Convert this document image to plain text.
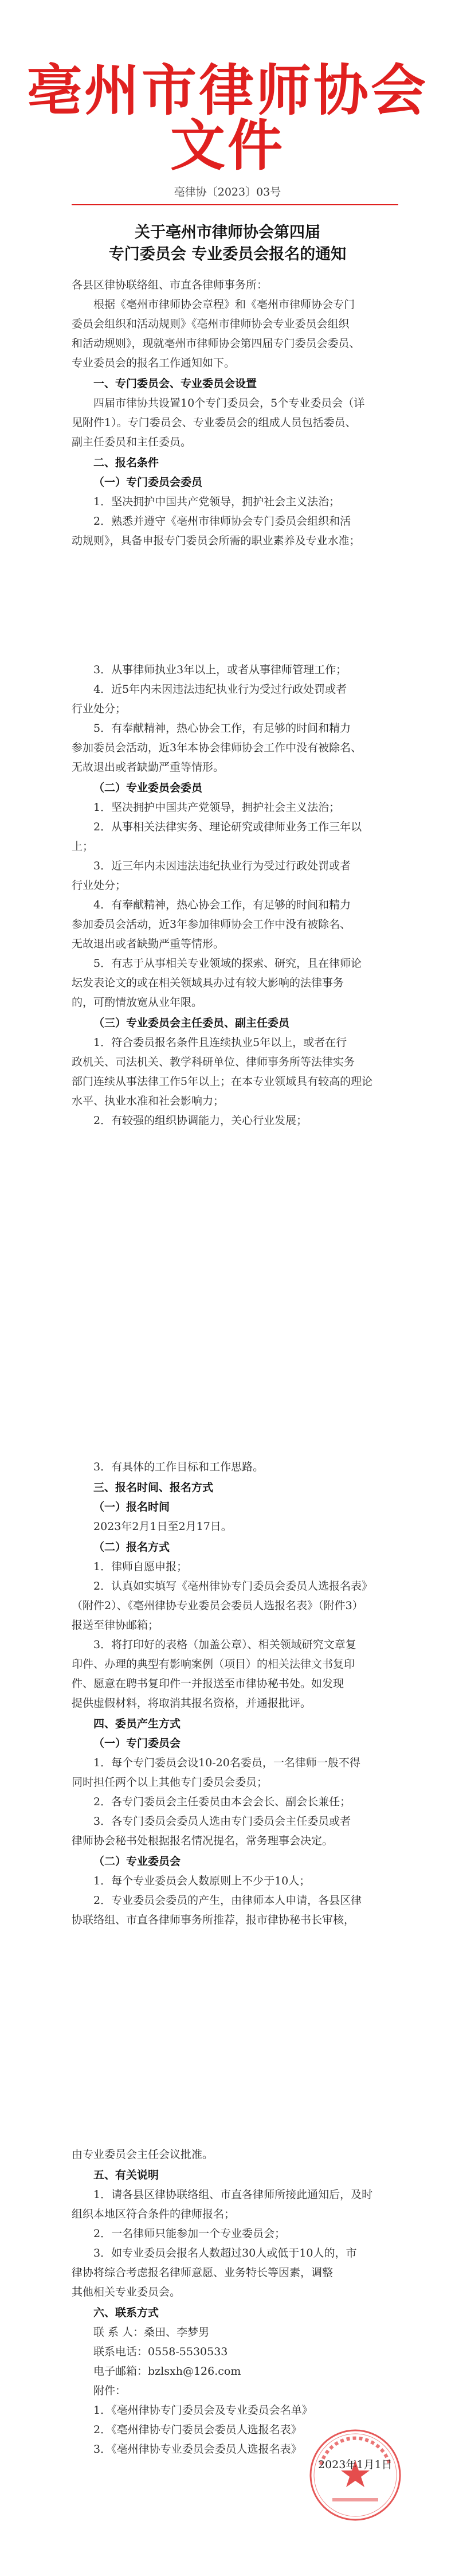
亳州市律师协会文件
亳律协〔2023〕03号
关于亳州市律师协会第四届
专门委员会 专业委员会报名的通知
各县区律协联络组、市直各律师事务所：
根据《亳州市律师协会章程》和《亳州市律师协会专门
委员会组织和活动规则》《亳州市律师协会专业委员会组织
和活动规则》，现就亳州市律师协会第四届专门委员会委员、
专业委员会的报名工作通知如下。
一、专门委员会、专业委员会设置
四届市律协共设置10个专门委员会，5个专业委员会（详
见附件1）。专门委员会、专业委员会的组成人员包括委员、
副主任委员和主任委员。
二、报名条件
（一）专门委员会委员
1．坚决拥护中国共产党领导，拥护社会主义法治；
2．熟悉并遵守《亳州市律师协会专门委员会组织和活
动规则》，具备申报专门委员会所需的职业素养及专业水准；
3．从事律师执业3年以上，或者从事律师管理工作；
4．近5年内未因违法违纪执业行为受过行政处罚或者
行业处分；
5．有奉献精神，热心协会工作，有足够的时间和精力
参加委员会活动，近3年本协会律师协会工作中没有被除名、
无故退出或者缺勤严重等情形。
（二）专业委员会委员
1．坚决拥护中国共产党领导，拥护社会主义法治；
2．从事相关法律实务、理论研究或律师业务工作三年以
上；
3．近三年内未因违法违纪执业行为受过行政处罚或者
行业处分；
4．有奉献精神，热心协会工作，有足够的时间和精力
参加委员会活动，近3年参加律师协会工作中没有被除名、
无故退出或者缺勤严重等情形。
5．有志于从事相关专业领域的探索、研究，且在律师论
坛发表论文的或在相关领域具办过有较大影响的法律事务
的，可酌情放宽从业年限。
（三）专业委员会主任委员、副主任委员
1．符合委员报名条件且连续执业5年以上，或者在行
政机关、司法机关、教学科研单位、律师事务所等法律实务
部门连续从事法律工作5年以上；在本专业领域具有较高的理论
水平、执业水准和社会影响力；
2．有较强的组织协调能力，关心行业发展；
3．有具体的工作目标和工作思路。
三、报名时间、报名方式
（一）报名时间
2023年2月1日至2月17日。
（二）报名方式
1．律师自愿申报；
2．认真如实填写《亳州律协专门委员会委员人选报名表》
（附件2）、《亳州律协专业委员会委员人选报名表》（附件3）
报送至律协邮箱；
3．将打印好的表格（加盖公章）、相关领域研究文章复
印件、办理的典型有影响案例（项目）的相关法律文书复印
件、愿意在聘书复印件一并报送至市律协秘书处。如发现
提供虚假材料，将取消其报名资格，并通报批评。
四、委员产生方式
（一）专门委员会
1．每个专门委员会设10-20名委员，一名律师一般不得
同时担任两个以上其他专门委员会委员；
2．各专门委员会主任委员由本会会长、副会长兼任；
3．各专门委员会委员人选由专门委员会主任委员或者
律师协会秘书处根据报名情况提名，常务理事会决定。
（二）专业委员会
1．每个专业委员会人数原则上不少于10人；
2．专业委员会委员的产生，由律师本人申请，各县区律
协联络组、市直各律师事务所推荐，报市律协秘书长审核，
由专业委员会主任会议批准。
五、有关说明
1．请各县区律协联络组、市直各律师所接此通知后，及时
组织本地区符合条件的律师报名；
2．一名律师只能参加一个专业委员会；
3．如专业委员会报名人数超过30人或低于10人的，市
律协将综合考虑报名律师意愿、业务特长等因素，调整
其他相关专业委员会。
六、联系方式
联 系 人：桑田、李梦男
联系电话：0558-5530533
电子邮箱：bzlsxh@126.com
附件：
1．《亳州律协专门委员会及专业委员会名单》
2．《亳州律协专门委员会委员人选报名表》
3．《亳州律协专业委员会委员人选报名表》
2023年1月1日
